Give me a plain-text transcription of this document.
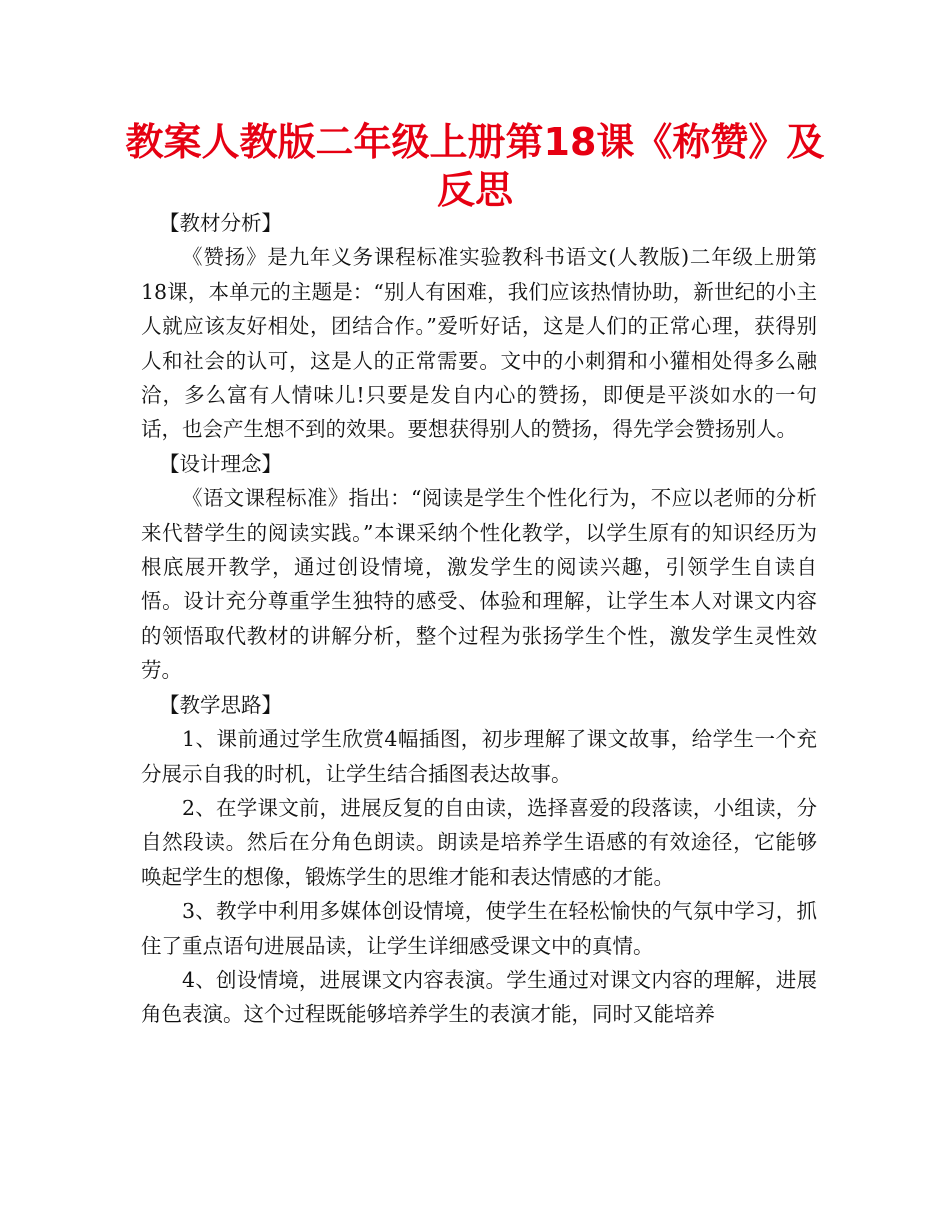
教案人教版二年级上册第18课《称赞》及
反思

【教材分析】

《赞扬》是九年义务课程标准实验教科书语文(人教版)二年级上册第18课，本单元的主题是：“别人有困难，我们应该热情协助，新世纪的小主人就应该友好相处，团结合作。”爱听好话，这是人们的正常心理，获得别人和社会的认可，这是人的正常需要。文中的小刺猬和小獾相处得多么融洽，多么富有人情味儿!只要是发自内心的赞扬，即便是平淡如水的一句话，也会产生想不到的效果。要想获得别人的赞扬，得先学会赞扬别人。

【设计理念】

《语文课程标准》指出：“阅读是学生个性化行为，不应以老师的分析来代替学生的阅读实践。”本课采纳个性化教学，以学生原有的知识经历为根底展开教学，通过创设情境，激发学生的阅读兴趣，引领学生自读自悟。设计充分尊重学生独特的感受、体验和理解，让学生本人对课文内容的领悟取代教材的讲解分析，整个过程为张扬学生个性，激发学生灵性效劳。

【教学思路】

1、课前通过学生欣赏4幅插图，初步理解了课文故事，给学生一个充分展示自我的时机，让学生结合插图表达故事。

2、在学课文前，进展反复的自由读，选择喜爱的段落读，小组读，分自然段读。然后在分角色朗读。朗读是培养学生语感的有效途径，它能够唤起学生的想像，锻炼学生的思维才能和表达情感的才能。

3、教学中利用多媒体创设情境，使学生在轻松愉快的气氛中学习，抓住了重点语句进展品读，让学生详细感受课文中的真情。

4、创设情境，进展课文内容表演。学生通过对课文内容的理解，进展角色表演。这个过程既能够培养学生的表演才能，同时又能培养
